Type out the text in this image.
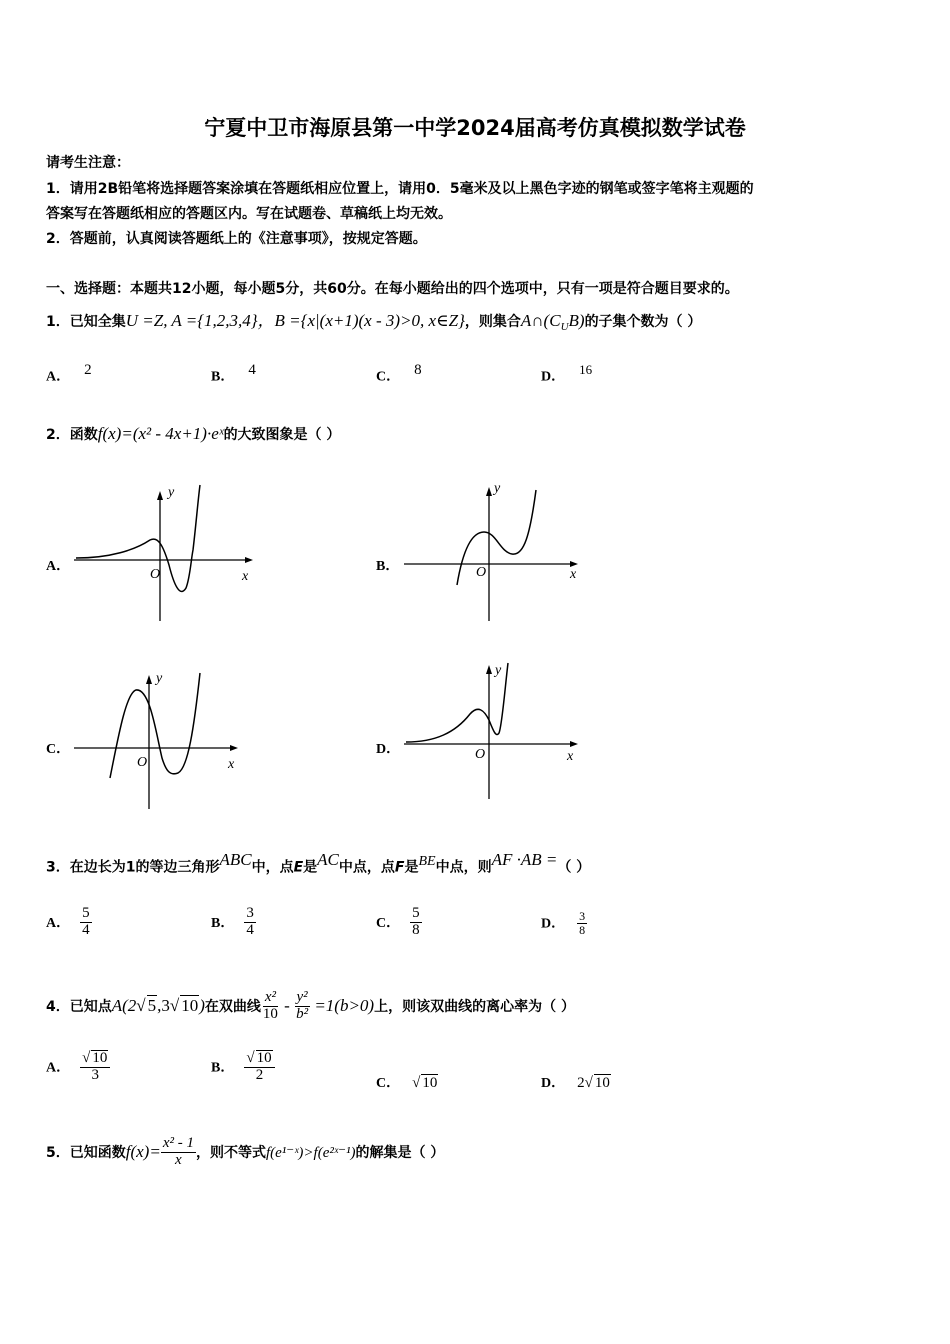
宁夏中卫市海原县第一中学2024届高考仿真模拟数学试卷
请考生注意：
1．请用2B铅笔将选择题答案涂填在答题纸相应位置上，请用0．5毫米及以上黑色字迹的钢笔或签字笔将主观题的
答案写在答题纸相应的答题区内。写在试题卷、草稿纸上均无效。
2．答题前，认真阅读答题纸上的《注意事项》，按规定答题。
一、选择题：本题共12小题，每小题5分，共60分。在每小题给出的四个选项中，只有一项是符合题目要求的。
1．已知全集U =Z, A ={1,2,3,4}，B ={x|(x+1)(x - 3)>0, x∈Z}，则集合$A\cap(C_UB)$的子集个数为（ ）
A． $^2$	B． $^4$	C． $^8$	D． $^{16}$
2．函数f(x)=(x² - 4x+1)·eˣ的大致图象是（ ）
A．
O	x
y
B．	O	x
y
C．
O	x
y
D．	O	x
y
3．在边长为1的等边三角形$^{ABC}$中，点E是$^{AC}$中点，点F是$^{BE}$中点，则$^{AF \cdot AB =}$（ ）
A． $\frac{5}{4}$	B． $\frac{3}{4}$	C． $\frac{5}{8}$	D． $\frac{3}{8}$
4．已知点A(2√ 5,3√ 10)在双曲线 $\frac{\text{x²}}{10} - \frac{\text{y²}}{\text{b²}} =1(b>0)$上，则该双曲线的离心率为（ ）
A． $\frac{√ 10}{3}$	B． $\frac{√ 10}{2}$	C． √ 10	D． 2√ 10
5．已知函数$f(x)= \frac{\text{x² - 1}}{x}$ ，则不等式f(e¹⁻ˣ)>f(e²ˣ⁻¹)的解集是（ ）
